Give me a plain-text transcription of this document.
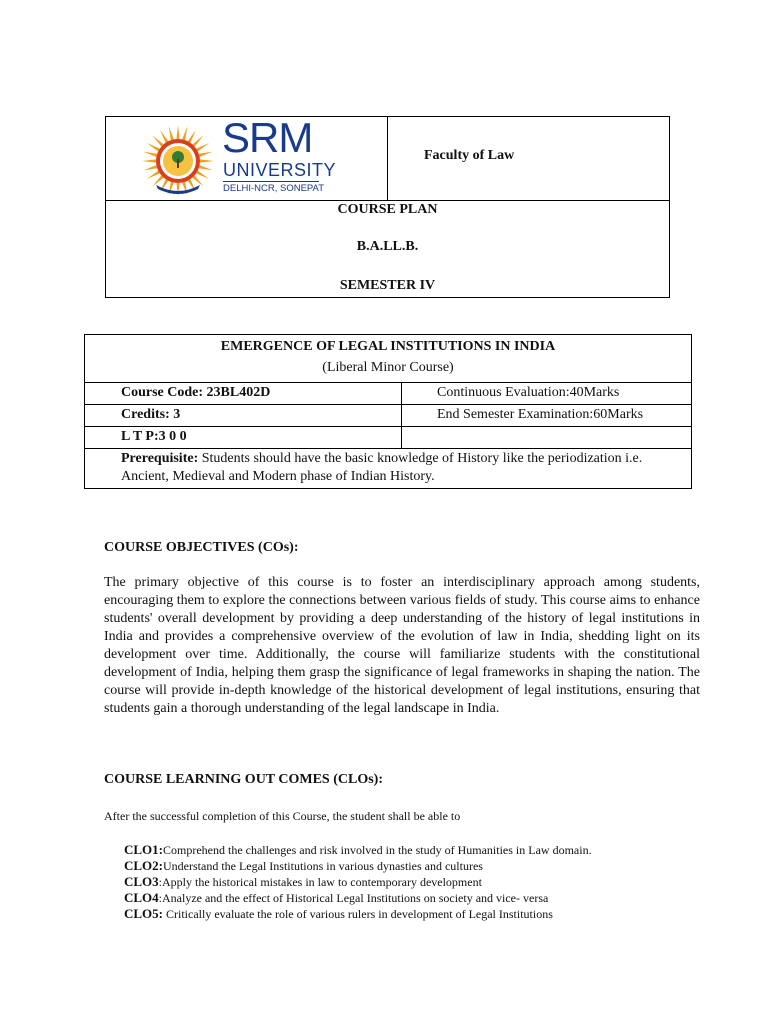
SRM
UNIVERSITY
DELHI-NCR, SONEPAT
Faculty of Law
COURSE PLAN
B.A.LL.B.
SEMESTER IV
EMERGENCE OF LEGAL INSTITUTIONS IN INDIA
(Liberal Minor Course)
Course Code: 23BL402D	Continuous Evaluation:40Marks
Credits: 3	End Semester Examination:60Marks
L T P:3 0 0
Prerequisite: Students should have the basic knowledge of History like the periodization i.e. Ancient, Medieval and Modern phase of Indian History.
COURSE OBJECTIVES (COs):
The primary objective of this course is to foster an interdisciplinary approach among students, encouraging them to explore the connections between various fields of study. This course aims to enhance students' overall development by providing a deep understanding of the history of legal institutions in India and provides a comprehensive overview of the evolution of law in India, shedding light on its development over time. Additionally, the course will familiarize students with the constitutional development of India, helping them grasp the significance of legal frameworks in shaping the nation. The course will provide in-depth knowledge of the historical development of legal institutions, ensuring that students gain a thorough understanding of the legal landscape in India.
COURSE LEARNING OUT COMES (CLOs):
After the successful completion of this Course, the student shall be able to
CLO1:Comprehend the challenges and risk involved in the study of Humanities in Law domain.
CLO2:Understand the Legal Institutions in various dynasties and cultures
CLO3:Apply the historical mistakes in law to contemporary development
CLO4:Analyze and the effect of Historical Legal Institutions on society and vice- versa
CLO5: Critically evaluate the role of various rulers in development of Legal Institutions
